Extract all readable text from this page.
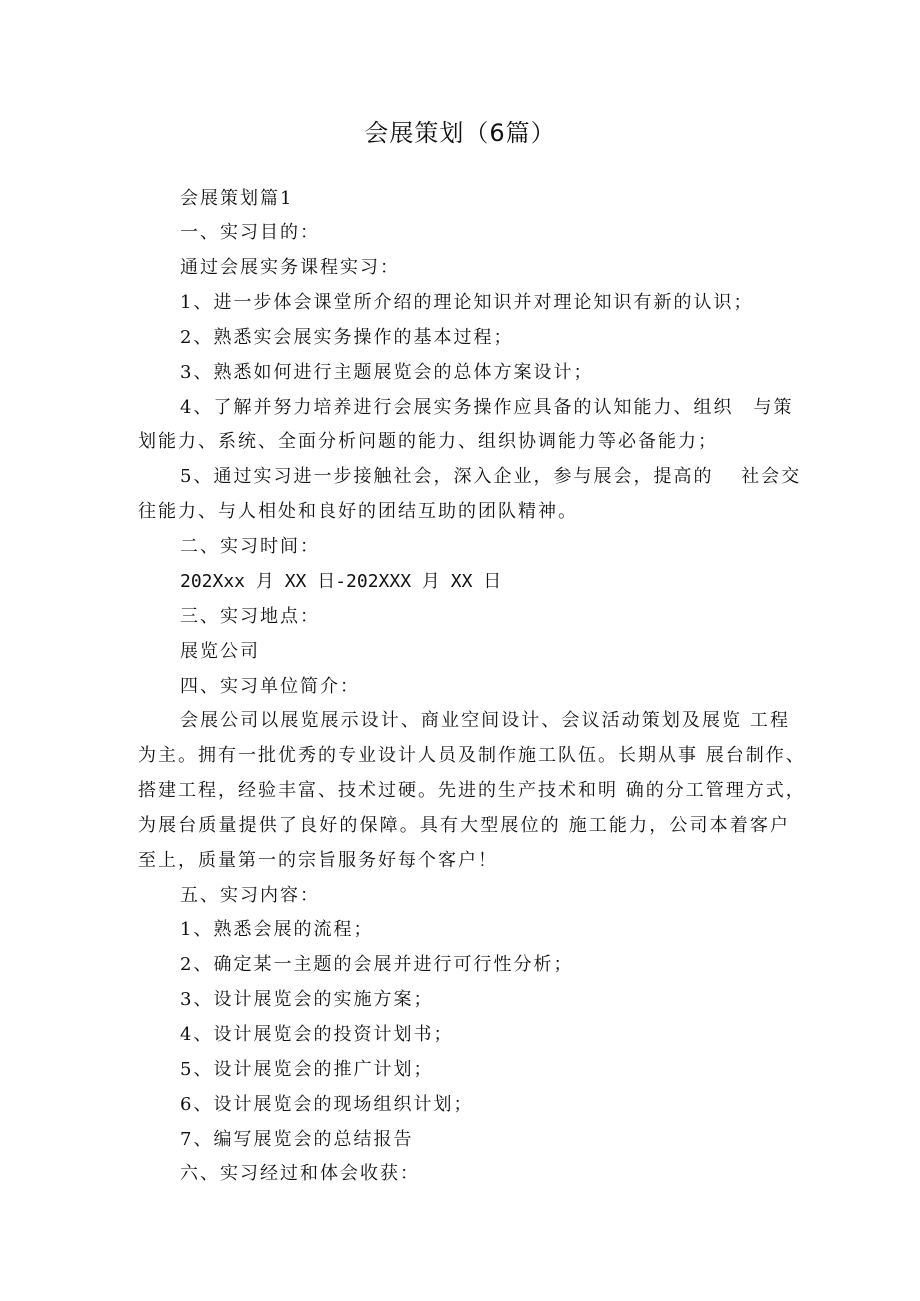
会展策划（6篇）
会展策划篇1
一、实习目的：
通过会展实务课程实习：
1、进一步体会课堂所介绍的理论知识并对理论知识有新的认识；
2、熟悉实会展实务操作的基本过程；
3、熟悉如何进行主题展览会的总体方案设计；
4、了解并努力培养进行会展实务操作应具备的认知能力、组织　与策
划能力、系统、全面分析问题的能力、组织协调能力等必备能力；
5、通过实习进一步接触社会，深入企业，参与展会，提高的　 社会交
往能力、与人相处和良好的团结互助的团队精神。
二、实习时间：
202Xxx 月 XX 日-202XXX 月 XX 日
三、实习地点：
展览公司
四、实习单位简介：
会展公司以展览展示设计、商业空间设计、会议活动策划及展览 工程
为主。拥有一批优秀的专业设计人员及制作施工队伍。长期从事 展台制作、
搭建工程，经验丰富、技术过硬。先进的生产技术和明 确的分工管理方式，
为展台质量提供了良好的保障。具有大型展位的 施工能力，公司本着客户
至上，质量第一的宗旨服务好每个客户！
五、实习内容：
1、熟悉会展的流程；
2、确定某一主题的会展并进行可行性分析；
3、设计展览会的实施方案；
4、设计展览会的投资计划书；
5、设计展览会的推广计划；
6、设计展览会的现场组织计划；
7、编写展览会的总结报告
六、实习经过和体会收获：
